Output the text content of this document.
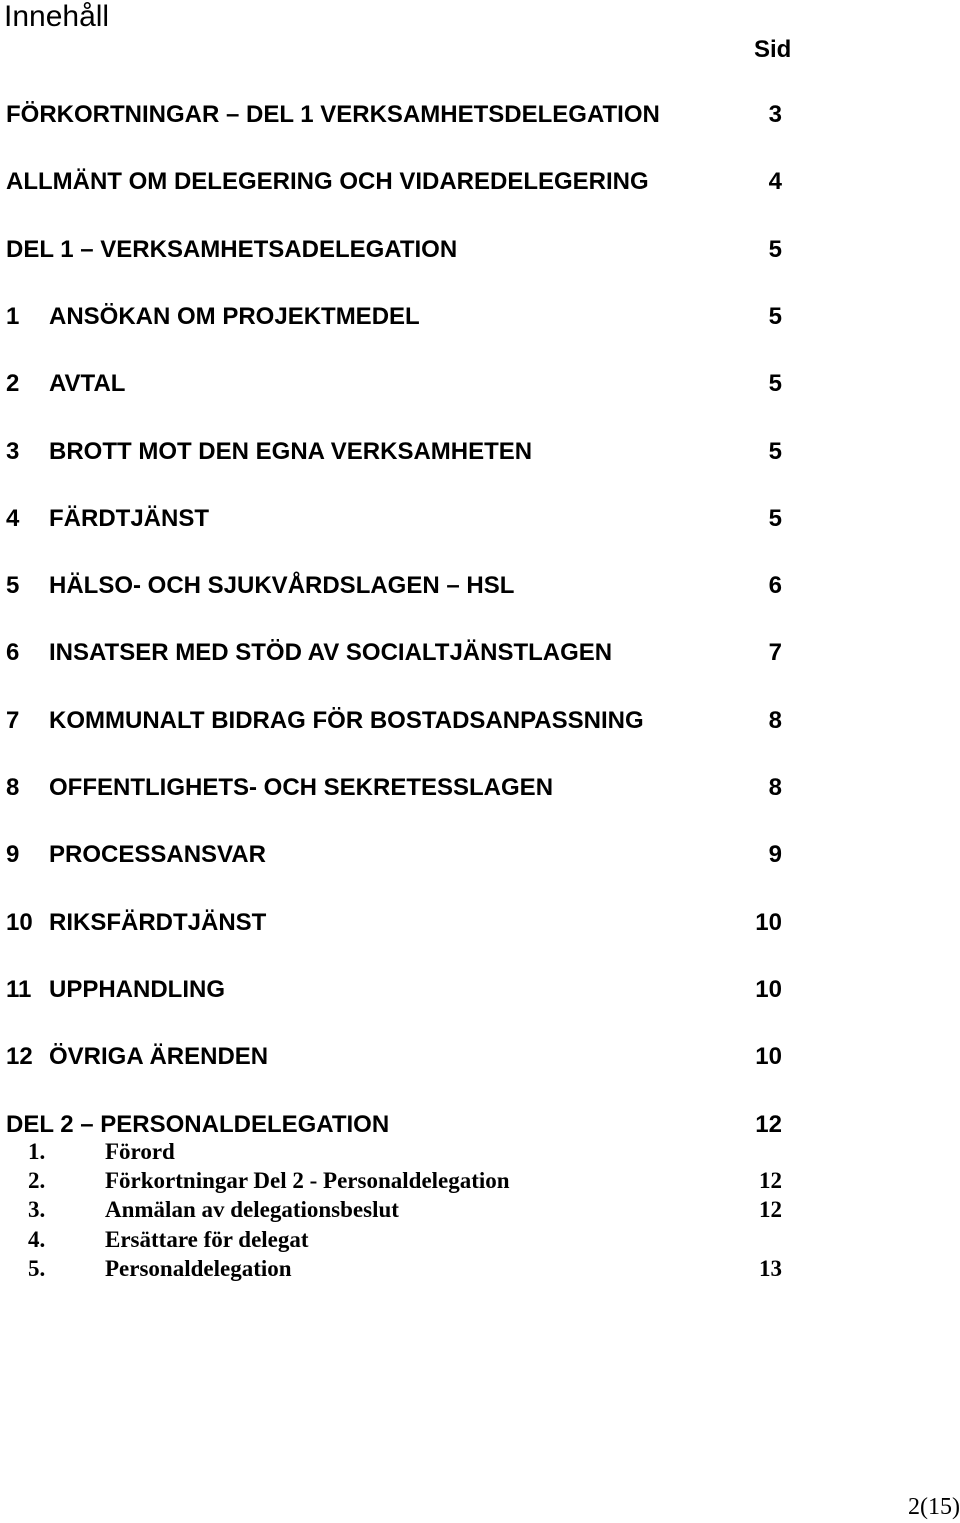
Innehåll
Sid
FÖRKORTNINGAR – DEL 1 VERKSAMHETSDELEGATION	3
ALLMÄNT OM DELEGERING OCH VIDAREDELEGERING	4
DEL 1 – VERKSAMHETSADELEGATION	5
1 ANSÖKAN OM PROJEKTMEDEL	5
2 AVTAL	5
3 BROTT MOT DEN EGNA VERKSAMHETEN	5
4 FÄRDTJÄNST	5
5 HÄLSO- OCH SJUKVÅRDSLAGEN – HSL	6
6 INSATSER MED STÖD AV SOCIALTJÄNSTLAGEN	7
7 KOMMUNALT BIDRAG FÖR BOSTADSANPASSNING	8
8 OFFENTLIGHETS- OCH SEKRETESSLAGEN	8
9 PROCESSANSVAR	9
10 RIKSFÄRDTJÄNST	10
11 UPPHANDLING	10
12 ÖVRIGA ÄRENDEN	10
DEL 2 – PERSONALDELEGATION	12
1.	Förord
2.	Förkortningar Del 2 - Personaldelegation	12
3.	Anmälan av delegationsbeslut	12
4.	Ersättare för delegat
5.	Personaldelegation	13
2(15)
